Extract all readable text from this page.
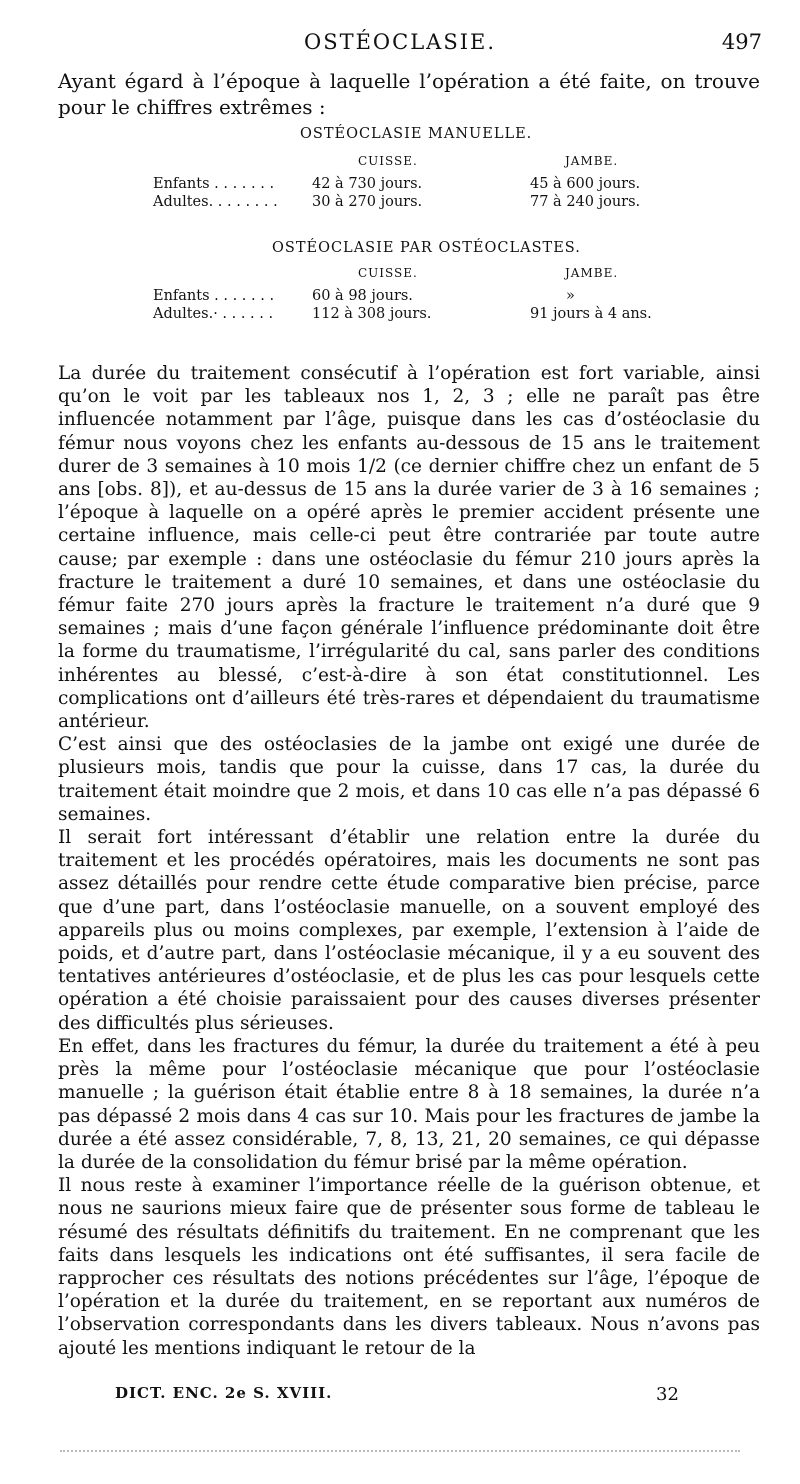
OSTÉOCLASIE.	497
Ayant égard à l’époque à laquelle l’opération a été faite, on trouve pour le chiffres extrêmes :
OSTÉOCLASIE MANUELLE.
CUISSE.	JAMBE.
Enfants . . . . . . .	42 à 730 jours.	45 à 600 jours.
Adultes. . . . . . . . 30 à 270 jours.	77 à 240 jours.
OSTÉOCLASIE PAR OSTÉOCLASTES.
CUISSE.	JAMBE.
Enfants . . . . . . .	60 à 98 jours.	»
Adultes.· . . . . . .	112 à 308 jours.	91 jours à 4 ans.

La durée du traitement consécutif à l’opération est fort variable, ainsi qu’on le voit par les tableaux nos 1, 2, 3 ; elle ne paraît pas être influencée notamment par l’âge, puisque dans les cas d’ostéoclasie du fémur nous voyons chez les enfants au-dessous de 15 ans le traitement durer de 3 semaines à 10 mois 1/2 (ce dernier chiffre chez un enfant de 5 ans [obs. 8]), et au-dessus de 15 ans la durée varier de 3 à 16 semaines ; l’époque à laquelle on a opéré après le premier accident présente une certaine influence, mais celle-ci peut être contrariée par toute autre cause; par exemple : dans une ostéoclasie du fémur 210 jours après la fracture le traitement a duré 10 semaines, et dans une ostéoclasie du fémur faite 270 jours après la fracture le traitement n’a duré que 9 semaines ; mais d’une façon générale l’influence prédominante doit être la forme du traumatisme, l’irrégularité du cal, sans parler des conditions inhérentes au blessé, c’est-à-dire à son état constitutionnel. Les complications ont d’ailleurs été très-rares et dépendaient du traumatisme antérieur.

C’est ainsi que des ostéoclasies de la jambe ont exigé une durée de plusieurs mois, tandis que pour la cuisse, dans 17 cas, la durée du traitement était moindre que 2 mois, et dans 10 cas elle n’a pas dépassé 6 semaines.

Il serait fort intéressant d’établir une relation entre la durée du traitement et les procédés opératoires, mais les documents ne sont pas assez détaillés pour rendre cette étude comparative bien précise, parce que d’une part, dans l’ostéoclasie manuelle, on a souvent employé des appareils plus ou moins complexes, par exemple, l’extension à l’aide de poids, et d’autre part, dans l’ostéoclasie mécanique, il y a eu souvent des tentatives antérieures d’ostéoclasie, et de plus les cas pour lesquels cette opération a été choisie paraissaient pour des causes diverses présenter des difficultés plus sérieuses.

En effet, dans les fractures du fémur, la durée du traitement a été à peu près la même pour l’ostéoclasie mécanique que pour l’ostéoclasie manuelle ; la guérison était établie entre 8 à 18 semaines, la durée n’a pas dépassé 2 mois dans 4 cas sur 10. Mais pour les fractures de jambe la durée a été assez considérable, 7, 8, 13, 21, 20 semaines, ce qui dépasse la durée de la consolidation du fémur brisé par la même opération.

Il nous reste à examiner l’importance réelle de la guérison obtenue, et nous ne saurions mieux faire que de présenter sous forme de tableau le résumé des résultats définitifs du traitement. En ne comprenant que les faits dans lesquels les indications ont été suffisantes, il sera facile de rapprocher ces résultats des notions précédentes sur l’âge, l’époque de l’opération et la durée du traitement, en se reportant aux numéros de l’observation correspondants dans les divers tableaux. Nous n’avons pas ajouté les mentions indiquant le retour de la

DICT. ENC. 2e S. XVIII.	32
